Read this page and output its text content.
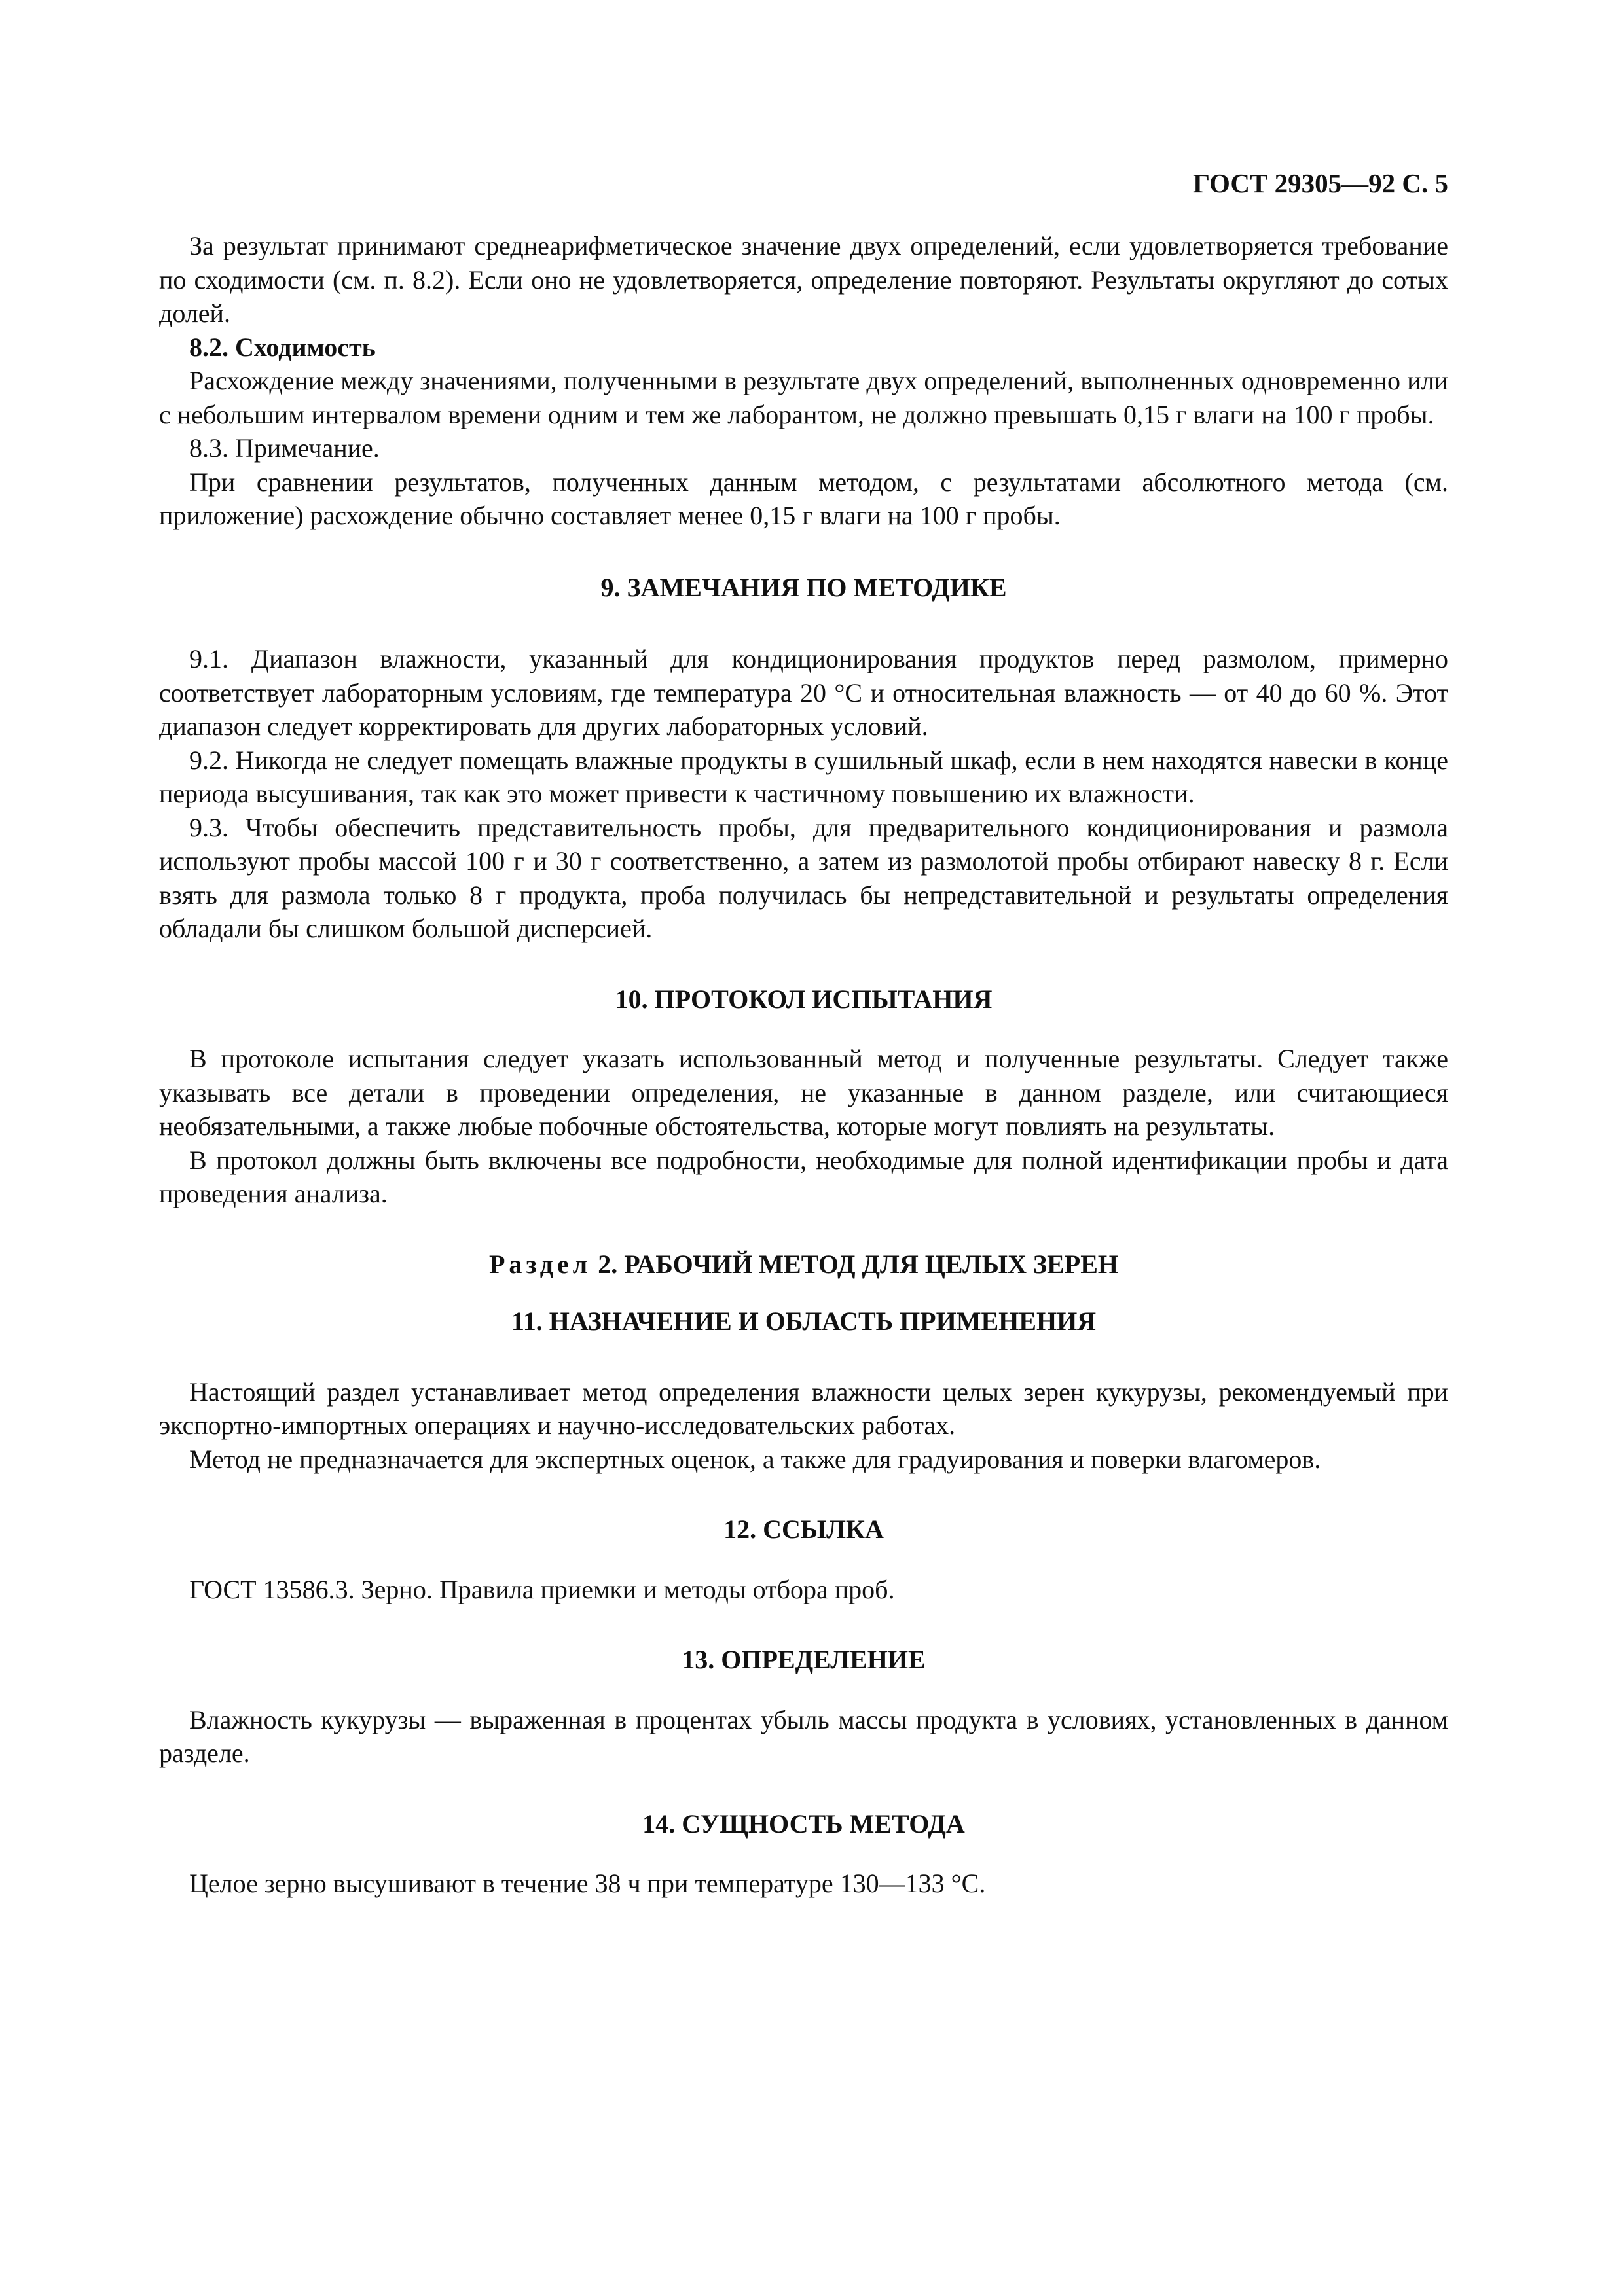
ГОСТ 29305—92 С. 5

За результат принимают среднеарифметическое значение двух определений, если удовлетворяется требование по сходимости (см. п. 8.2). Если оно не удовлетворяется, определение повторяют. Результаты округляют до сотых долей.

8.2. Сходимость

Расхождение между значениями, полученными в результате двух определений, выполненных одновременно или с небольшим интервалом времени одним и тем же лаборантом, не должно превышать 0,15 г влаги на 100 г пробы.

8.3. Примечание.

При сравнении результатов, полученных данным методом, с результатами абсолютного метода (см. приложение) расхождение обычно составляет менее 0,15 г влаги на 100 г пробы.

9. ЗАМЕЧАНИЯ ПО МЕТОДИКЕ

9.1. Диапазон влажности, указанный для кондиционирования продуктов перед размолом, примерно соответствует лабораторным условиям, где температура 20 °С и относительная влажность — от 40 до 60 %. Этот диапазон следует корректировать для других лабораторных условий.

9.2. Никогда не следует помещать влажные продукты в сушильный шкаф, если в нем находятся навески в конце периода высушивания, так как это может привести к частичному повышению их влажности.

9.3. Чтобы обеспечить представительность пробы, для предварительного кондиционирования и размола используют пробы массой 100 г и 30 г соответственно, а затем из размолотой пробы отбирают навеску 8 г. Если взять для размола только 8 г продукта, проба получилась бы непредставительной и результаты определения обладали бы слишком большой дисперсией.

10. ПРОТОКОЛ ИСПЫТАНИЯ

В протоколе испытания следует указать использованный метод и полученные результаты. Следует также указывать все детали в проведении определения, не указанные в данном разделе, или считающиеся необязательными, а также любые побочные обстоятельства, которые могут повлиять на результаты.

В протокол должны быть включены все подробности, необходимые для полной идентификации пробы и дата проведения анализа.

Раздел 2. РАБОЧИЙ МЕТОД ДЛЯ ЦЕЛЫХ ЗЕРЕН
11. НАЗНАЧЕНИЕ И ОБЛАСТЬ ПРИМЕНЕНИЯ

Настоящий раздел устанавливает метод определения влажности целых зерен кукурузы, рекомендуемый при экспортно-импортных операциях и научно-исследовательских работах.

Метод не предназначается для экспертных оценок, а также для градуирования и поверки влагомеров.

12. ССЫЛКА

ГОСТ 13586.3. Зерно. Правила приемки и методы отбора проб.

13. ОПРЕДЕЛЕНИЕ

Влажность кукурузы — выраженная в процентах убыль массы продукта в условиях, установленных в данном разделе.

14. СУЩНОСТЬ МЕТОДА

Целое зерно высушивают в течение 38 ч при температуре 130—133 °С.
